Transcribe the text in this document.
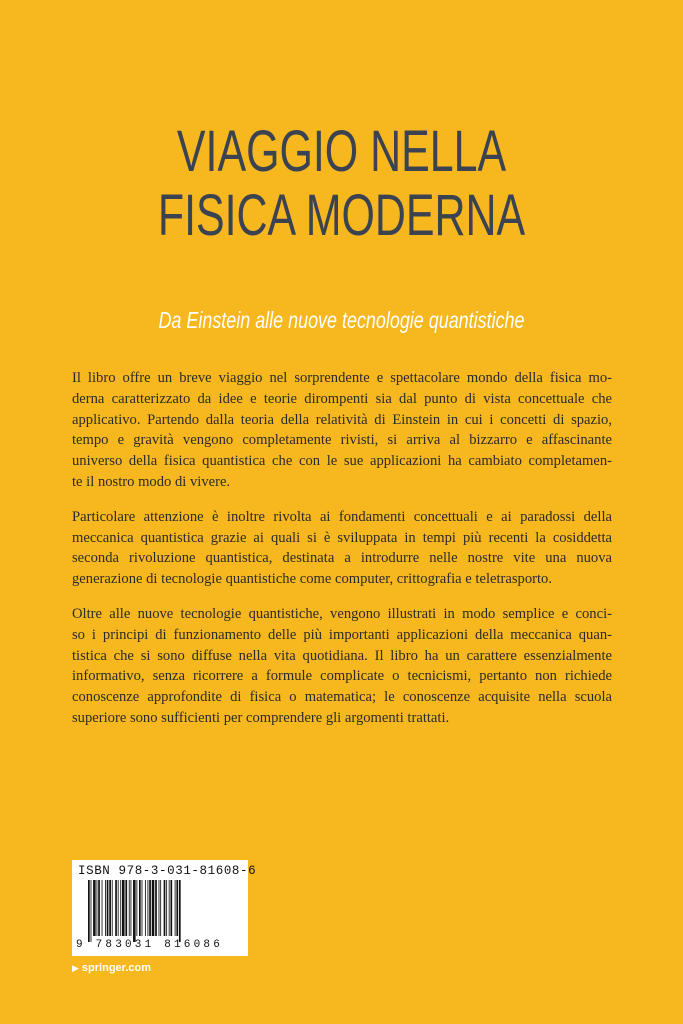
VIAGGIO NELLA
FISICA MODERNA
Da Einstein alle nuove tecnologie quantistiche

Il libro offre un breve viaggio nel sorprendente e spettacolare mondo della fisica mo-
derna caratterizzato da idee e teorie dirompenti sia dal punto di vista concettuale che
applicativo. Partendo dalla teoria della relatività di Einstein in cui i concetti di spazio,
tempo e gravità vengono completamente rivisti, si arriva al bizzarro e affascinante
universo della fisica quantistica che con le sue applicazioni ha cambiato completamen-
te il nostro modo di vivere.

Particolare attenzione è inoltre rivolta ai fondamenti concettuali e ai paradossi della
meccanica quantistica grazie ai quali si è sviluppata in tempi più recenti la cosiddetta
seconda rivoluzione quantistica, destinata a introdurre nelle nostre vite una nuova
generazione di tecnologie quantistiche come computer, crittografia e teletrasporto.

Oltre alle nuove tecnologie quantistiche, vengono illustrati in modo semplice e conci-
so i principi di funzionamento delle più importanti applicazioni della meccanica quan-
tistica che si sono diffuse nella vita quotidiana. Il libro ha un carattere essenzialmente
informativo, senza ricorrere a formule complicate o tecnicismi, pertanto non richiede
conoscenze approfondite di fisica o matematica; le conoscenze acquisite nella scuola
superiore sono sufficienti per comprendere gli argomenti trattati.

ISBN 978-3-031-81608-6
9 783031 816086
▶ springer.com
